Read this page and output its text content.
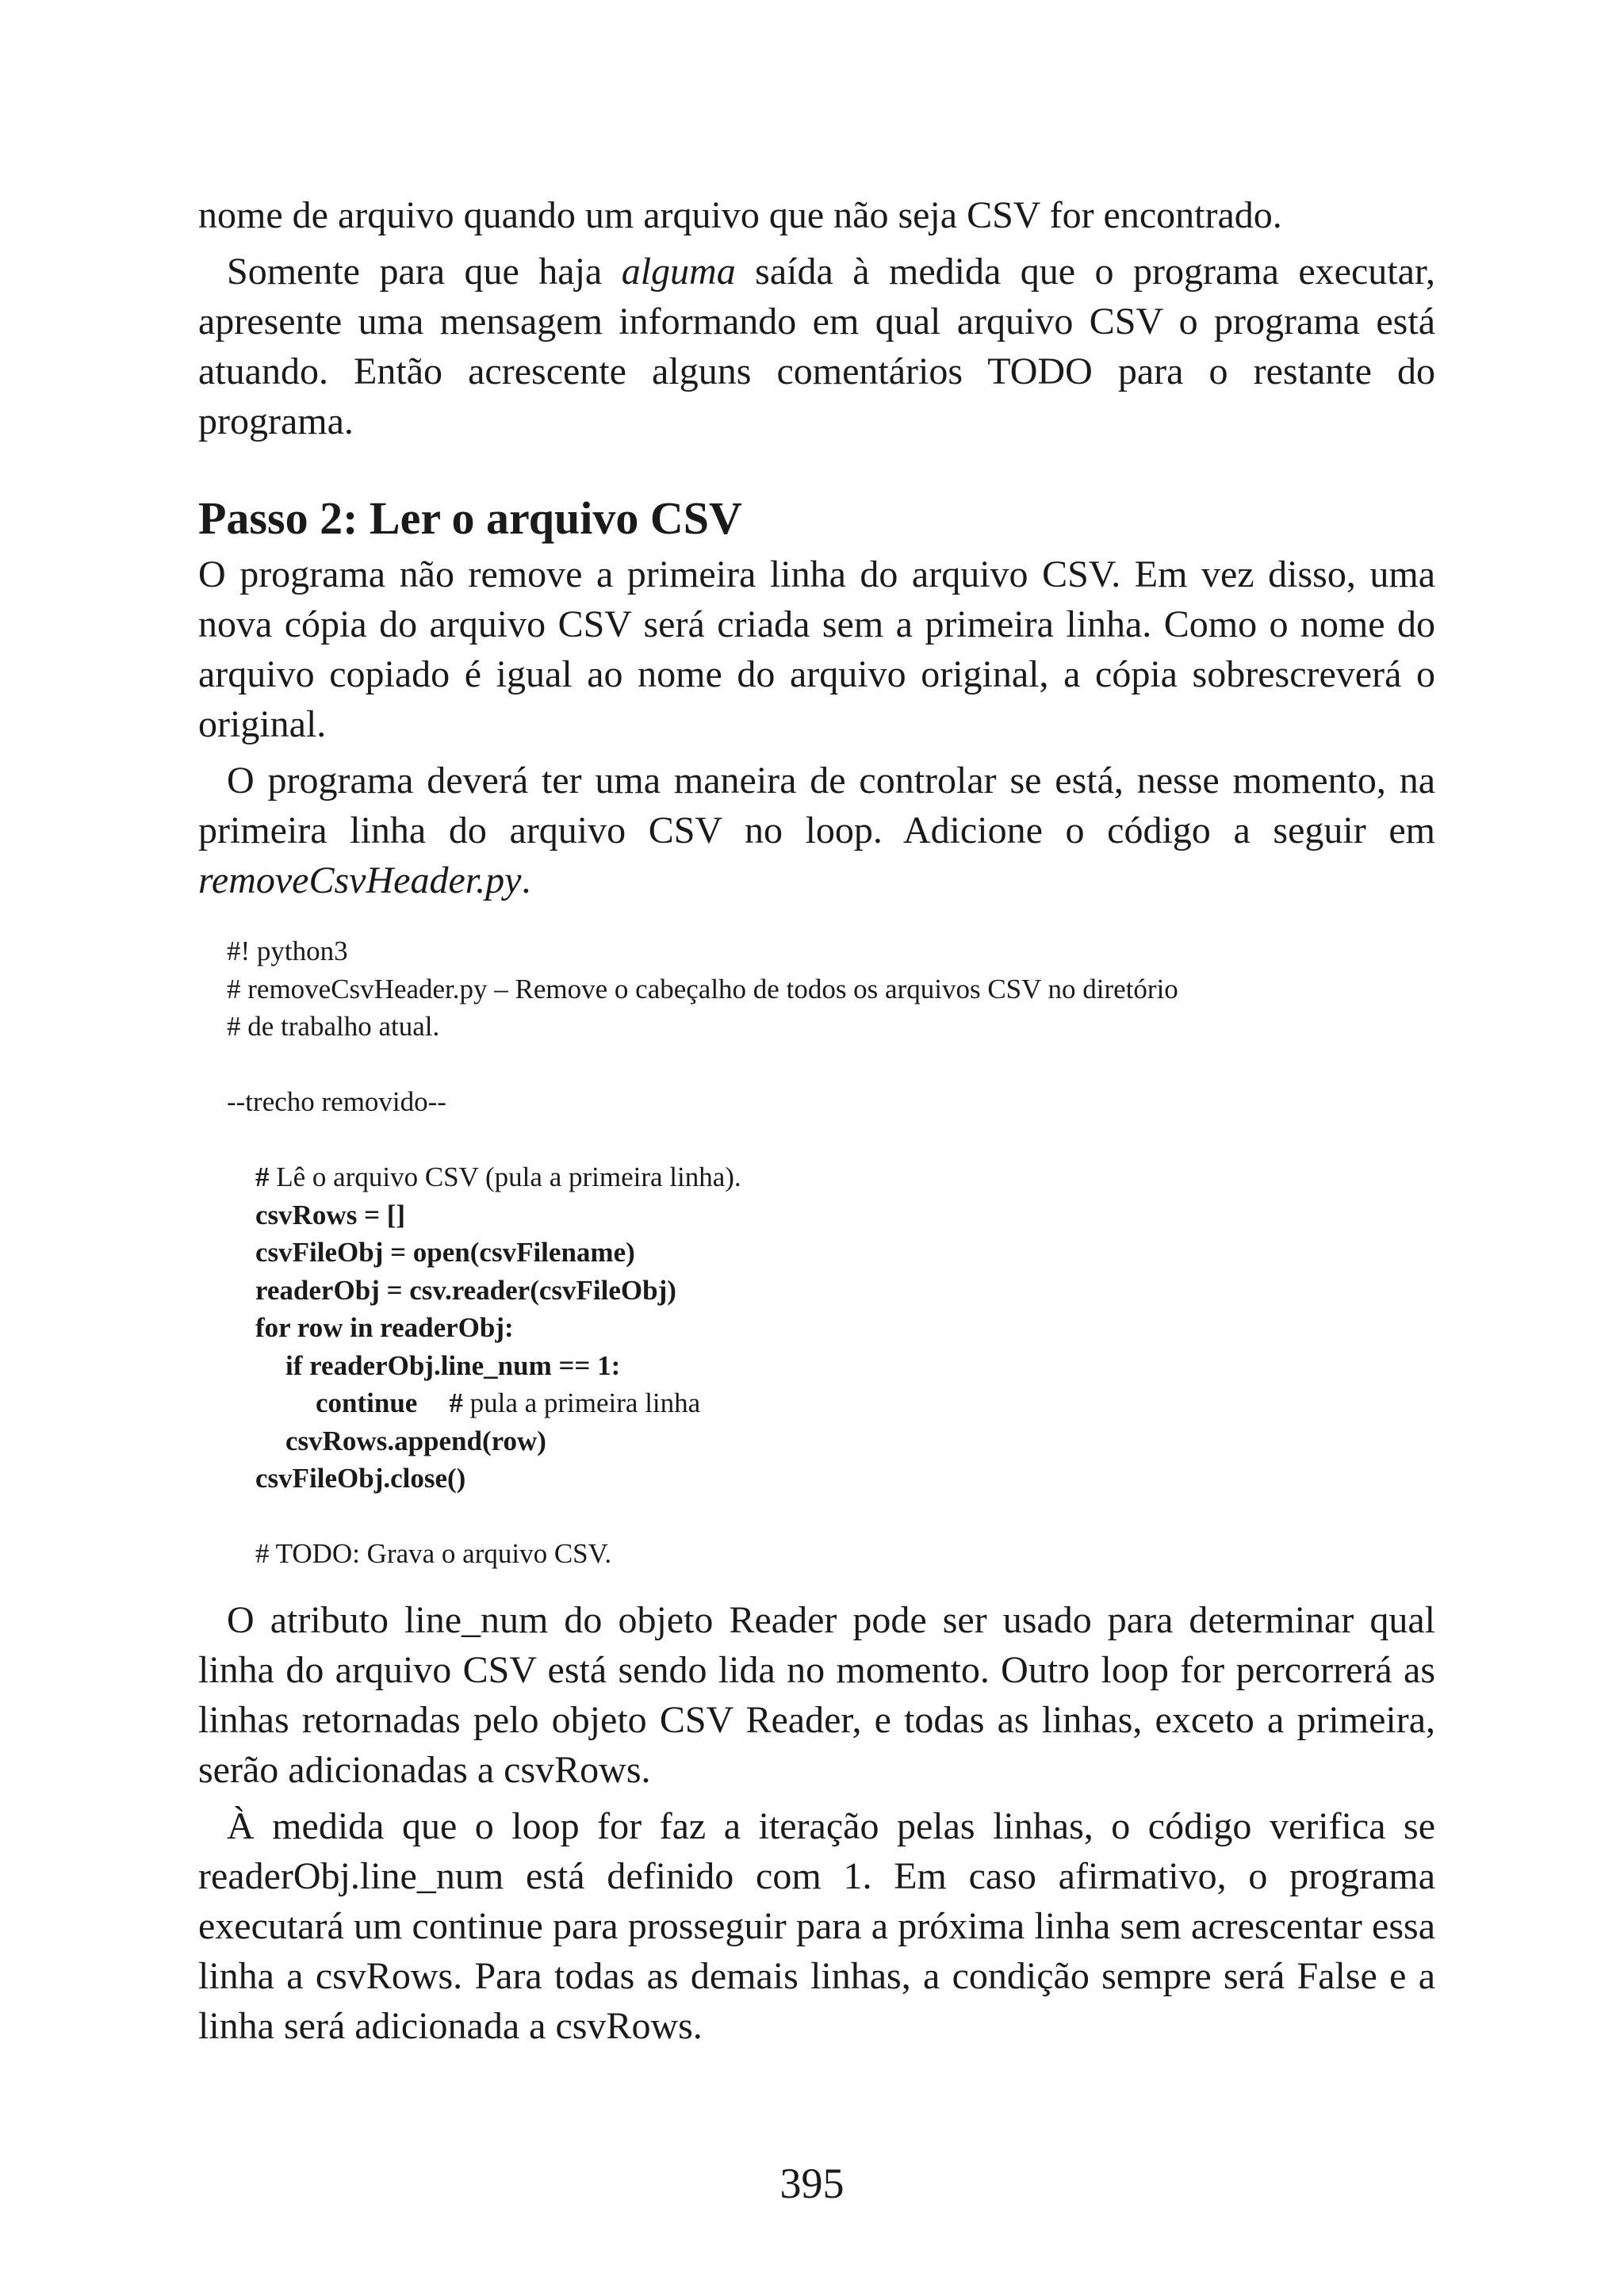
nome de arquivo quando um arquivo que não seja CSV for encontrado.

Somente para que haja alguma saída à medida que o programa executar, apresente uma mensagem informando em qual arquivo CSV o programa está atuando. Então acrescente alguns comentários TODO para o restante do programa.

Passo 2: Ler o arquivo CSV

O programa não remove a primeira linha do arquivo CSV. Em vez disso, uma nova cópia do arquivo CSV será criada sem a primeira linha. Como o nome do arquivo copiado é igual ao nome do arquivo original, a cópia sobrescreverá o original.

O programa deverá ter uma maneira de controlar se está, nesse momento, na primeira linha do arquivo CSV no loop. Adicione o código a seguir em removeCsvHeader.py.

#! python3
# removeCsvHeader.py – Remove o cabeçalho de todos os arquivos CSV no diretório
# de trabalho atual.
--trecho removido--
# Lê o arquivo CSV (pula a primeira linha).
csvRows = []
csvFileObj = open(csvFilename)
readerObj = csv.reader(csvFileObj)
for row in readerObj:
if readerObj.line_num == 1:
continue # pula a primeira linha
csvRows.append(row)
csvFileObj.close()
# TODO: Grava o arquivo CSV.

O atributo line_num do objeto Reader pode ser usado para determinar qual linha do arquivo CSV está sendo lida no momento. Outro loop for percorrerá as linhas retornadas pelo objeto CSV Reader, e todas as linhas, exceto a primeira, serão adicionadas a csvRows.

À medida que o loop for faz a iteração pelas linhas, o código verifica se readerObj.line_num está definido com 1. Em caso afirmativo, o programa executará um continue para prosseguir para a próxima linha sem acrescentar essa linha a csvRows. Para todas as demais linhas, a condição sempre será False e a linha será adicionada a csvRows.

395
